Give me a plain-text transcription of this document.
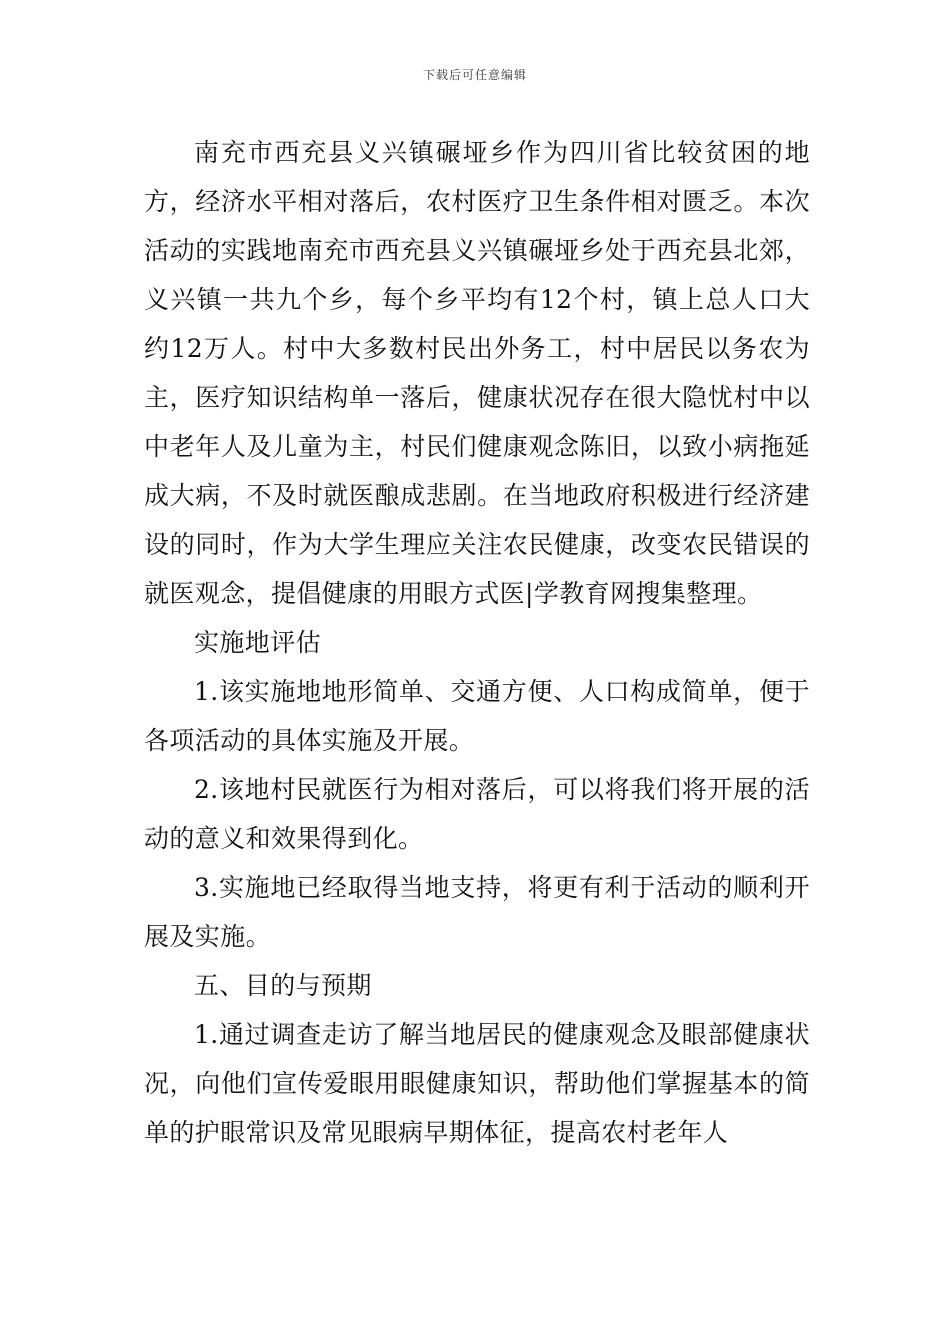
下载后可任意编辑

南充市西充县义兴镇碾垭乡作为四川省比较贫困的地方，经济水平相对落后，农村医疗卫生条件相对匮乏。本次活动的实践地南充市西充县义兴镇碾垭乡处于西充县北郊，义兴镇一共九个乡，每个乡平均有12个村，镇上总人口大约12万人。村中大多数村民出外务工，村中居民以务农为主，医疗知识结构单一落后，健康状况存在很大隐忧村中以中老年人及儿童为主，村民们健康观念陈旧，以致小病拖延成大病，不及时就医酿成悲剧。在当地政府积极进行经济建设的同时，作为大学生理应关注农民健康，改变农民错误的就医观念，提倡健康的用眼方式医|学教育网搜集整理。

实施地评估

1.该实施地地形简单、交通方便、人口构成简单，便于各项活动的具体实施及开展。

2.该地村民就医行为相对落后，可以将我们将开展的活动的意义和效果得到化。

3.实施地已经取得当地支持，将更有利于活动的顺利开展及实施。

五、目的与预期

1.通过调查走访了解当地居民的健康观念及眼部健康状况，向他们宣传爱眼用眼健康知识，帮助他们掌握基本的简单的护眼常识及常见眼病早期体征，提高农村老年人
